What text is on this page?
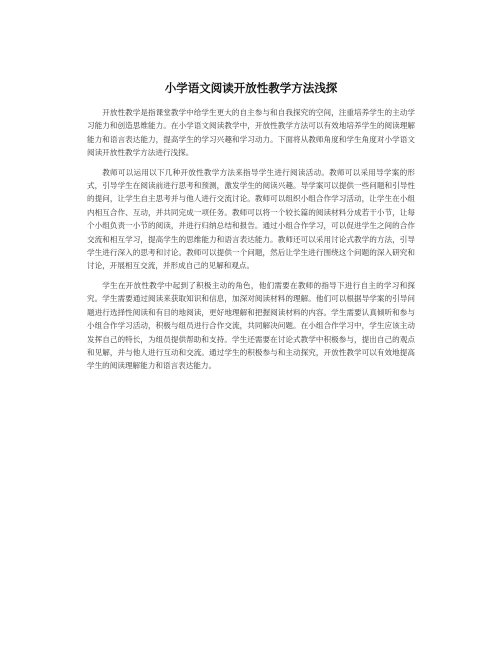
小学语文阅读开放性教学方法浅探

开放性教学是指课堂教学中给学生更大的自主参与和自我探究的空间，注重培养学生的主动学习能力和创造思维能力。在小学语文阅读教学中，开放性教学方法可以有效地培养学生的阅读理解能力和语言表达能力，提高学生的学习兴趣和学习动力。下面将从教师角度和学生角度对小学语文阅读开放性教学方法进行浅探。

教师可以运用以下几种开放性教学方法来指导学生进行阅读活动。教师可以采用导学案的形式，引导学生在阅读前进行思考和预测，激发学生的阅读兴趣。导学案可以提供一些问题和引导性的提问，让学生自主思考并与他人进行交流讨论。教师可以组织小组合作学习活动，让学生在小组内相互合作、互动，并共同完成一项任务。教师可以将一个较长篇的阅读材料分成若干小节，让每个小组负责一小节的阅读，并进行归纳总结和报告。通过小组合作学习，可以促进学生之间的合作交流和相互学习，提高学生的思维能力和语言表达能力。教师还可以采用讨论式教学的方法，引导学生进行深入的思考和讨论。教师可以提供一个问题，然后让学生进行围绕这个问题的深入研究和讨论，开展相互交流，并形成自己的见解和观点。

学生在开放性教学中起到了积极主动的角色，他们需要在教师的指导下进行自主的学习和探究。学生需要通过阅读来获取知识和信息，加深对阅读材料的理解。他们可以根据导学案的引导问题进行选择性阅读和有目的地阅读，更好地理解和把握阅读材料的内容。学生需要认真倾听和参与小组合作学习活动，积极与组员进行合作交流，共同解决问题。在小组合作学习中，学生应该主动发挥自己的特长，为组员提供帮助和支持。学生还需要在讨论式教学中积极参与，提出自己的观点和见解，并与他人进行互动和交流。通过学生的积极参与和主动探究，开放性教学可以有效地提高学生的阅读理解能力和语言表达能力。
